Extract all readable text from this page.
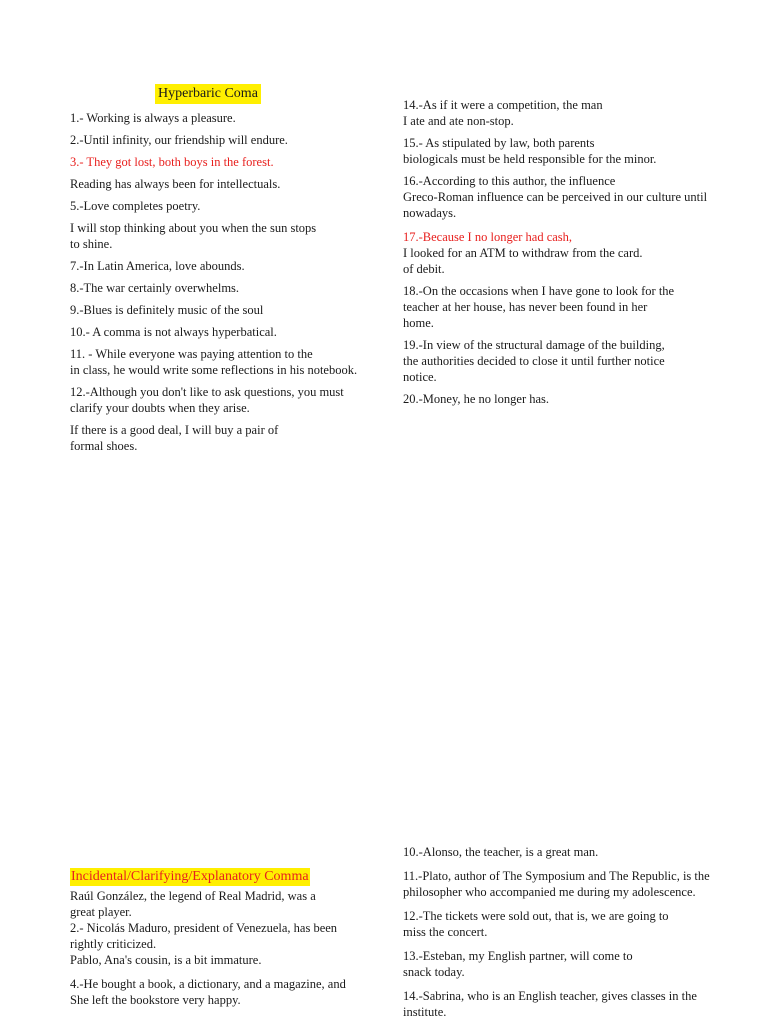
Hyperbaric Coma

1.- Working is always a pleasure.

2.-Until infinity, our friendship will endure.

3.- They got lost, both boys in the forest.

Reading has always been for intellectuals.

5.-Love completes poetry.

I will stop thinking about you when the sun stops
to shine.

7.-In Latin America, love abounds.

8.-The war certainly overwhelms.

9.-Blues is definitely music of the soul

10.- A comma is not always hyperbatical.

11. - While everyone was paying attention to the
in class, he would write some reflections in his notebook.

12.-Although you don't like to ask questions, you must
clarify your doubts when they arise.

If there is a good deal, I will buy a pair of
formal shoes.

14.-As if it were a competition, the man
I ate and ate non-stop.

15.- As stipulated by law, both parents
biologicals must be held responsible for the minor.

16.-According to this author, the influence
Greco-Roman influence can be perceived in our culture until
nowadays.

17.-Because I no longer had cash,

I looked for an ATM to withdraw from the card.
of debit.

18.-On the occasions when I have gone to look for the
teacher at her house, has never been found in her
home.

19.-In view of the structural damage of the building,
the authorities decided to close it until further notice
notice.

20.-Money, he no longer has.

Incidental/Clarifying/Explanatory Comma

Raúl González, the legend of Real Madrid, was a
great player.

2.- Nicolás Maduro, president of Venezuela, has been
rightly criticized.

Pablo, Ana's cousin, is a bit immature.

4.-He bought a book, a dictionary, and a magazine, and
She left the bookstore very happy.

10.-Alonso, the teacher, is a great man.

11.-Plato, author of The Symposium and The Republic, is the
philosopher who accompanied me during my adolescence.

12.-The tickets were sold out, that is, we are going to
miss the concert.

13.-Esteban, my English partner, will come to
snack today.

14.-Sabrina, who is an English teacher, gives classes in the
institute.
